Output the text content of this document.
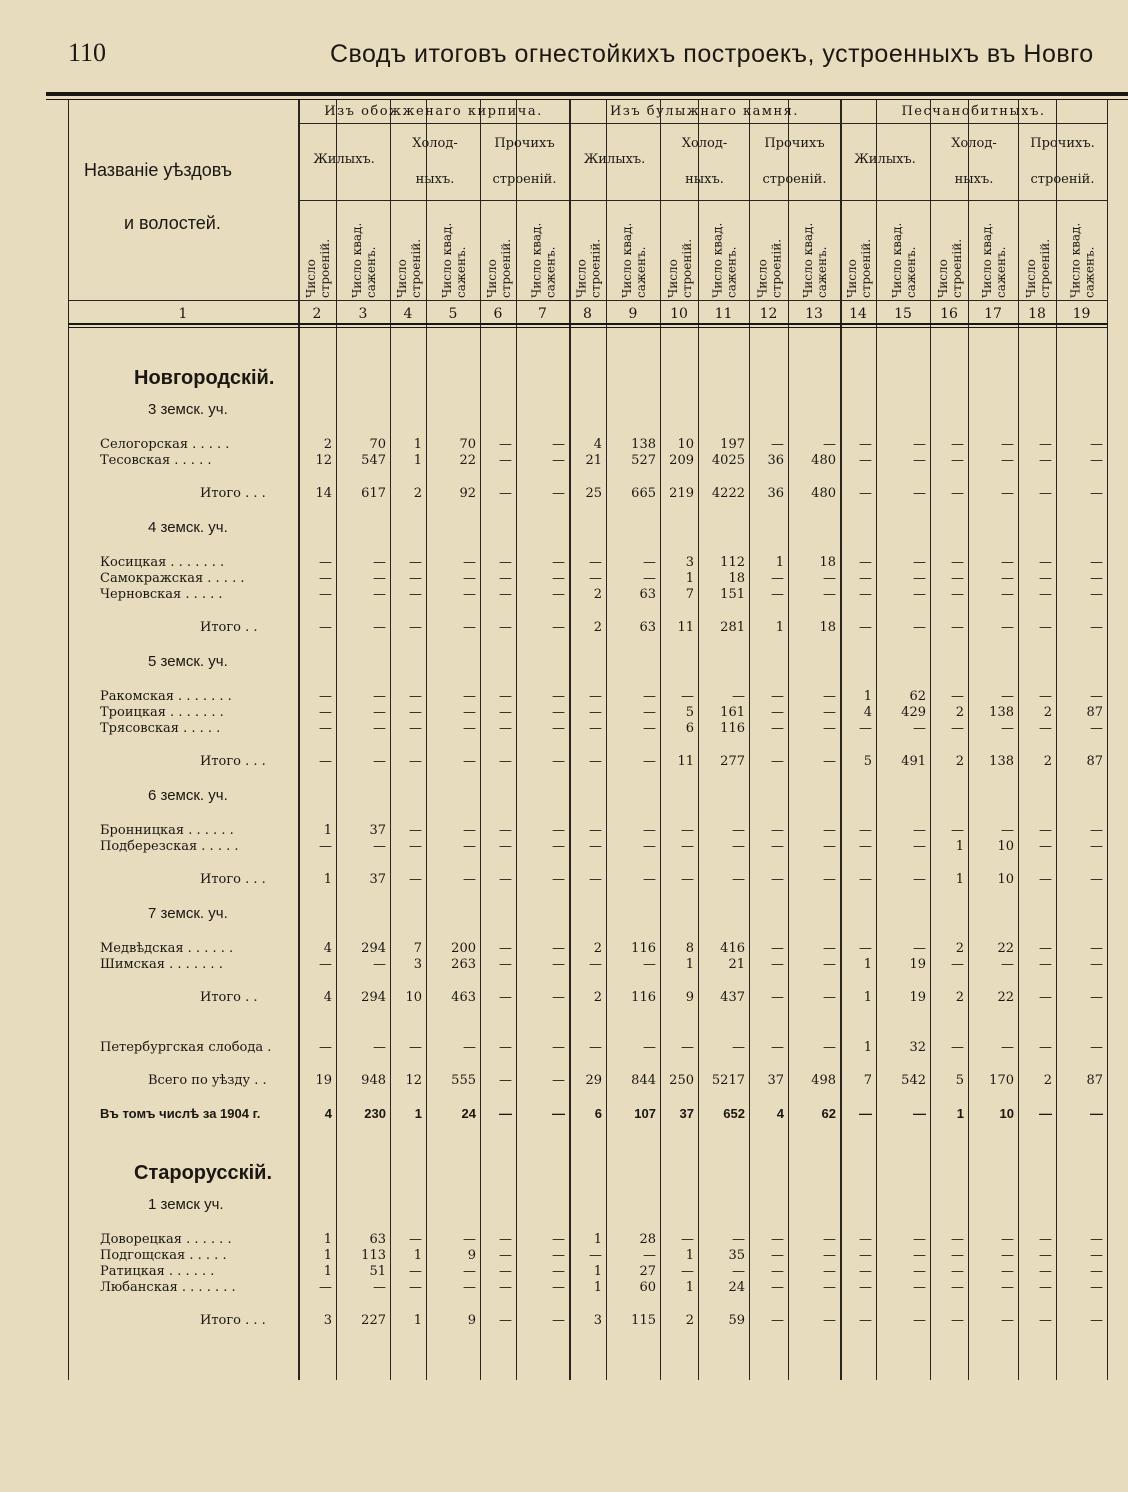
110	Сводъ итоговъ огнестойкихъ построекъ, устроенныхъ въ Новго
Названіе уѣздовъ
и волостей.
Изъ обожженаго кирпича.	Изъ булыжнаго камня.	Песчанобитныхъ.
Жилыхъ.
Холод-
ныхъ.
Прочихъ
строеній.
Жилыхъ.
Холод-
ныхъ.
Прочихъ
строеній.
Жилыхъ.
Холод-
ныхъ.
Прочихъ.
строеній.
Число строеній.	Число квад. саженъ.	Число строеній.	Число квад. саженъ.	Число строеній.	Число квад. саженъ.	Число строеній.	Число квад. саженъ.	Число строеній.	Число квад. саженъ.	Число строеній.	Число квад. саженъ.	Число строеній.	Число квад. саженъ.	Число строеній.	Число квад. саженъ.	Число строеній.	Число квад. саженъ.
1	2	3	4	5	6	7	8	9	10	11	12	13	14	15	16	17	18	19
Новгородскій.
3 земск. уч.
Селогорская . . . . .	2	70	1	70	—	—	4	138	10	197	—	—	—	—	—	—	—	—
Тесовская . . . . .	12	547	1	22	—	—	21	527	209	4025	36	480	—	—	—	—	—	—
Итого . . .	14	617	2	92	—	—	25	665	219	4222	36	480	—	—	—	—	—	—
4 земск. уч.
Косицкая . . . . . . .	—	—	—	—	—	—	—	—	3	112	1	18	—	—	—	—	—	—
Самокражская . . . . .	—	—	—	—	—	—	—	—	1	18	—	—	—	—	—	—	—	—
Черновская . . . . .	—	—	—	—	—	—	2	63	7	151	—	—	—	—	—	—	—	—
Итого . .	—	—	—	—	—	—	2	63	11	281	1	18	—	—	—	—	—	—
5 земск. уч.
Ракомская . . . . . . .	—	—	—	—	—	—	—	—	—	—	—	—	1	62	—	—	—	—
Троицкая . . . . . . .	—	—	—	—	—	—	—	—	5	161	—	—	4	429	2	138	2	87
Трясовская . . . . .	—	—	—	—	—	—	—	—	6	116	—	—	—	—	—	—	—	—
Итого . . .	—	—	—	—	—	—	—	—	11	277	—	—	5	491	2	138	2	87
6 земск. уч.
Бронницкая . . . . . .	1	37	—	—	—	—	—	—	—	—	—	—	—	—	—	—	—	—
Подберезская . . . . .	—	—	—	—	—	—	—	—	—	—	—	—	—	—	1	10	—	—
Итого . . .	1	37	—	—	—	—	—	—	—	—	—	—	—	—	1	10	—	—
7 земск. уч.
Медвѣдская . . . . . .	4	294	7	200	—	—	2	116	8	416	—	—	—	—	2	22	—	—
Шимская . . . . . . .	—	—	3	263	—	—	—	—	1	21	—	—	1	19	—	—	—	—
Итого . .	4	294	10	463	—	—	2	116	9	437	—	—	1	19	2	22	—	—
Петербургская слобода .	—	—	—	—	—	—	—	—	—	—	—	—	1	32	—	—	—	—
Всего по уѣзду . .	19	948	12	555	—	—	29	844	250	5217	37	498	7	542	5	170	2	87
Въ томъ числѣ за 1904 г.	4	230	1	24	—	—	6	107	37	652	4	62	—	—	1	10	—	—
Старорусскій.
1 земск уч.
Доворецкая . . . . . .	1	63	—	—	—	—	1	28	—	—	—	—	—	—	—	—	—	—
Подгощская . . . . .	1	113	1	9	—	—	—	—	1	35	—	—	—	—	—	—	—	—
Ратицкая . . . . . .	1	51	—	—	—	—	1	27	—	—	—	—	—	—	—	—	—	—
Любанская . . . . . . .	—	—	—	—	—	—	1	60	1	24	—	—	—	—	—	—	—	—
Итого . . .	3	227	1	9	—	—	3	115	2	59	—	—	—	—	—	—	—	—
